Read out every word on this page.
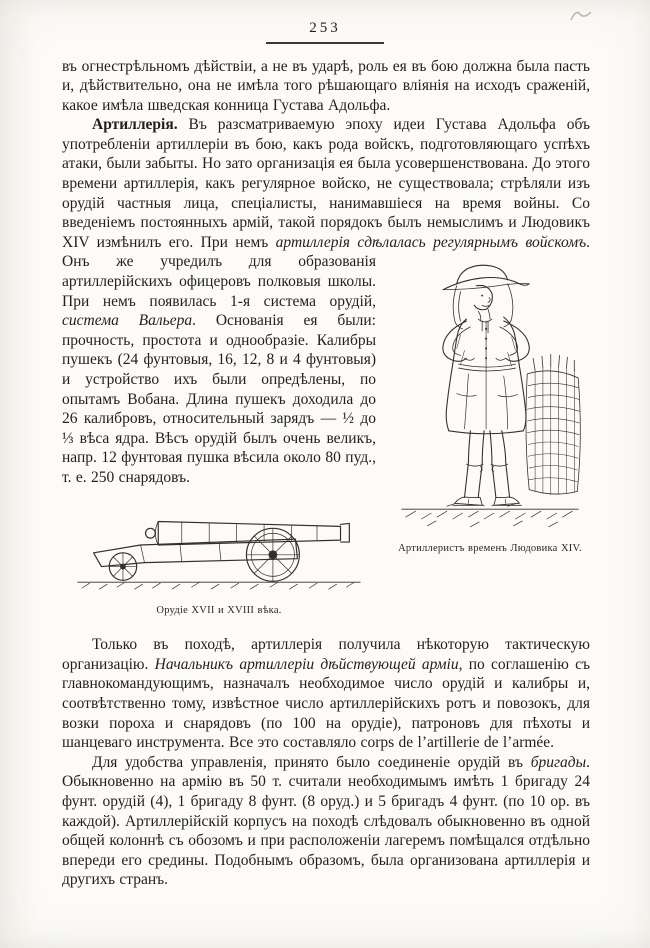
253

въ огнестрѣльномъ дѣйствіи, а не въ ударѣ, роль ея въ бою должна была пасть и, дѣйствительно, она не имѣла того рѣшающаго вліянія на исходъ сраженій, какое имѣла шведская конница Густава Адольфа.

Артиллерія. Въ разсматриваемую эпоху идеи Густава Адольфа объ употребленіи артиллеріи въ бою, какъ рода войскъ, подготовляющаго успѣхъ атаки, были забыты. Но зато организація ея была усовершенствована. До этого времени артиллерія, какъ регулярное войско, не существовала; стрѣляли изъ орудій частныя лица, спеціалисты, нанимавшіеся на время войны. Со введеніемъ постоянныхъ армій, такой порядокъ былъ немыслимъ и Людовикъ XIV измѣнилъ его. При немъ артиллерія сдѣлалась регулярнымъ войскомъ. Онъ же учредилъ для
Артиллеристъ временъ Людовика XIV.
образованія артиллерійскихъ офицеровъ полковыя школы. При немъ появилась 1-я система орудій, система Вальера. Основанія ея были: прочность, простота и однообразіе. Калибры пушекъ (24 фунтовыя, 16, 12, 8 и 4 фунтовыя) и устройство ихъ были опредѣлены, по опытамъ Вобана. Длина пушекъ доходила до 26 калибровъ, относительный зарядъ — ½ до ⅓ вѣса ядра. Вѣсъ орудій былъ очень великъ, напр. 12 фунтовая пушка вѣсила около 80 пуд., т. е. 250 снарядовъ.

Орудіе XVII и XVIII вѣка.

Только въ походѣ, артиллерія получила нѣкоторую тактическую организацію. Начальникъ артиллеріи дѣйствующей арміи, по соглашенію съ главнокомандующимъ, назначалъ необходимое число орудій и калибры и, соотвѣтственно тому, извѣстное число артиллерійскихъ ротъ и повозокъ, для возки пороха и снарядовъ (по 100 на орудіе), патроновъ для пѣхоты и шанцеваго инструмента. Все это составляло corps de l’artillerie de l’armée.

Для удобства управленія, принято было соединеніе орудій въ бригады. Обыкновенно на армію въ 50 т. считали необходимымъ имѣть 1 бригаду 24 фунт. орудій (4), 1 бригаду 8 фунт. (8 оруд.) и 5 бригадъ 4 фунт. (по 10 ор. въ каждой). Артиллерійскій корпусъ на походѣ слѣдовалъ обыкновенно въ одной общей колоннѣ съ обозомъ и при расположеніи лагеремъ помѣщался отдѣльно впереди его средины. Подобнымъ образомъ, была организована артиллерія и другихъ странъ.
